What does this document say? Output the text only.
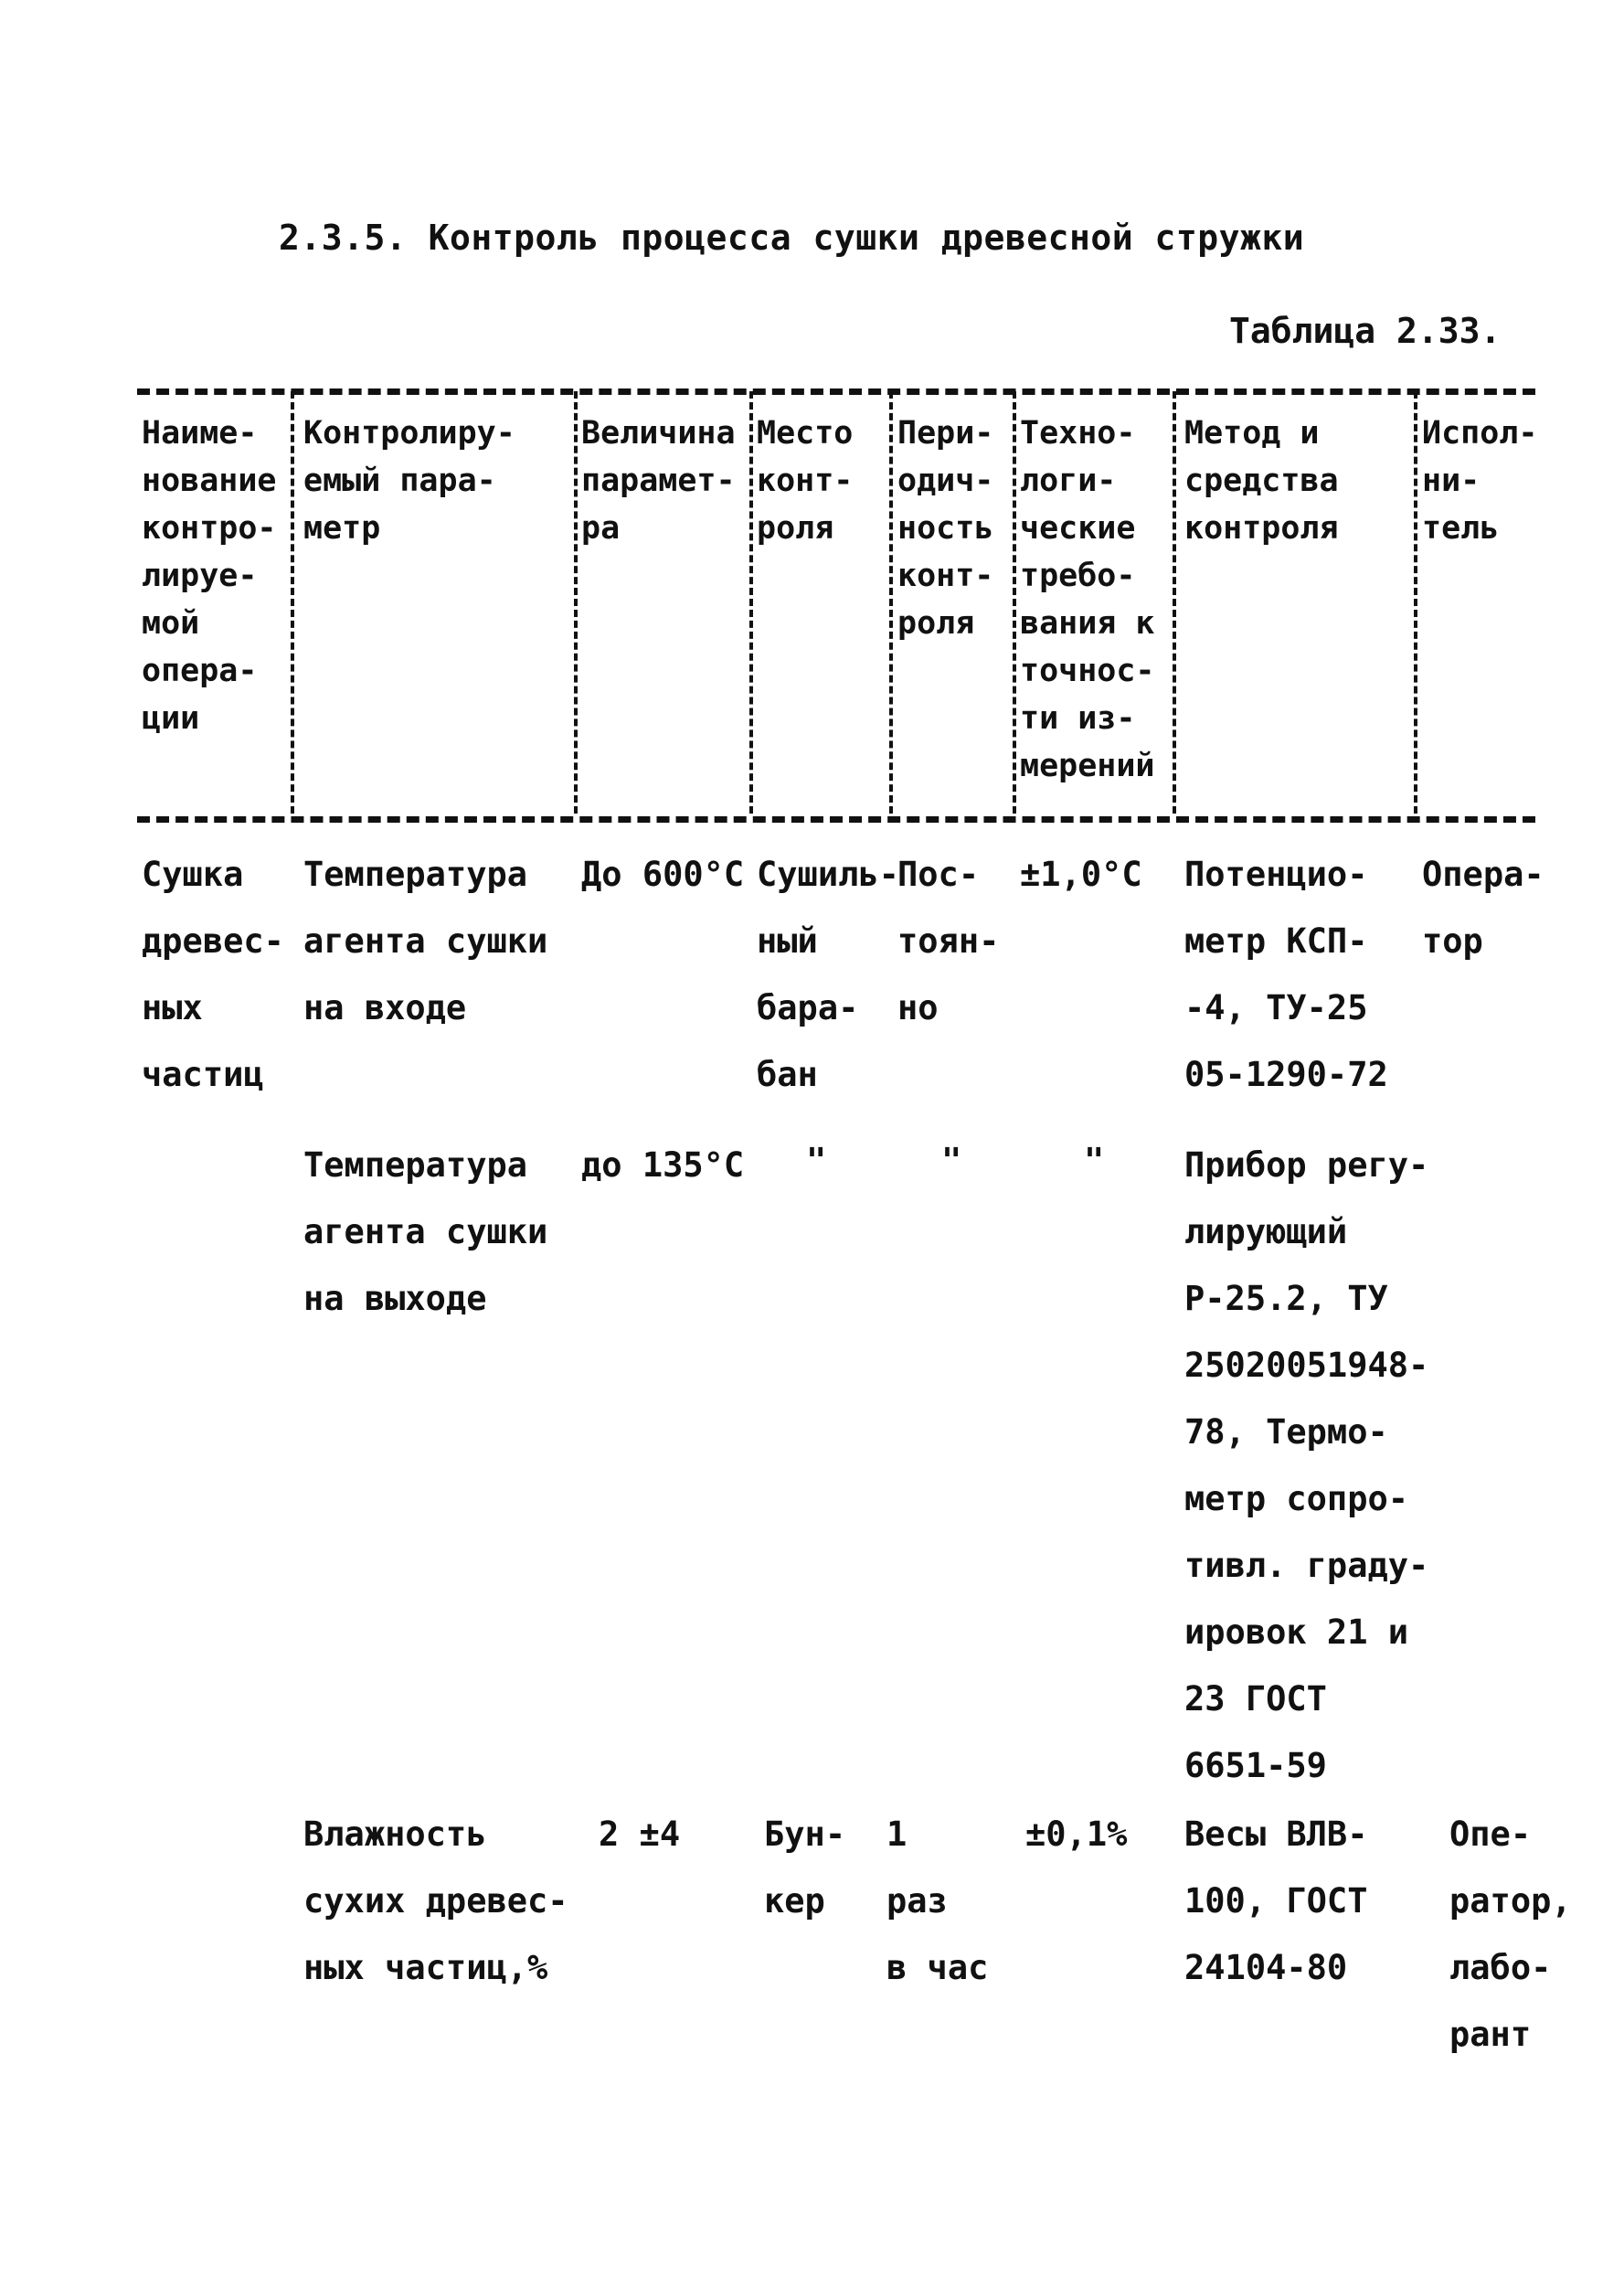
2.3.5. Контроль процесса сушки древесной стружки
Таблица 2.33.
Наиме-
нование
контро-
лируе-
мой
опера-
ции
Контролиру-
емый пара-
метр
Величина
парамет-
ра
Место
конт-
роля
Пери-
одич-
ность
конт-
роля
Техно-
логи-
ческие
требо-
вания к
точнос-
ти из-
мерений
Метод и
средства
контроля
Испол-
ни-
тель
Сушка
древес-
ных
частиц
Температура
агента сушки
на входе
До 600°С Сушиль-
ный
бара-
бан
Пос-
тоян-
но
±1,0°С Потенцио-
метр КСП-
-4, ТУ-25
05-1290-72
Опера-
тор
Температура
агента сушки
на выходе
до 135°С "	"	" Прибор регу-
лирующий
Р-25.2, ТУ
25020051948-
78, Термо-
метр сопро-
тивл. граду-
ировок 21 и
23 ГОСТ
6651-59
Влажность
сухих древес-
ных частиц,%
2 ±4 Бун-
кер
1
раз
в час
±0,1% Весы ВЛВ-
100, ГОСТ
24104-80
Опе-
ратор,
лабо-
рант
